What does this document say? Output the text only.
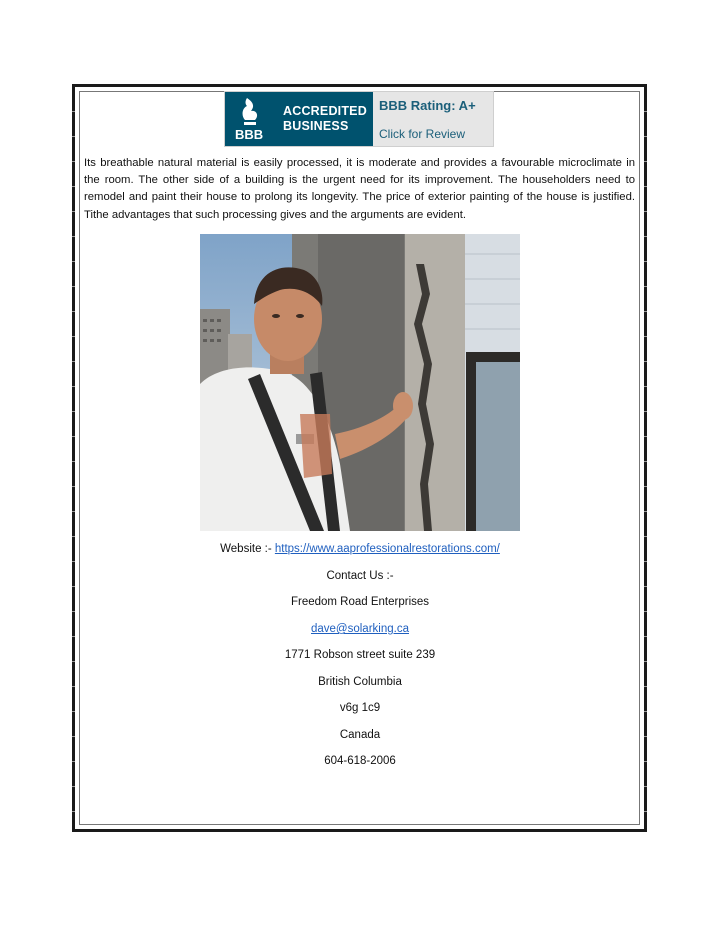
BBB
ACCREDITED
BUSINESS
BBB Rating: A+
Click for Review
Its breathable natural material is easily processed, it is moderate and provides a favourable microclimate in the room. The other side of a building is the urgent need for its improvement. The householders need to remodel and paint their house to prolong its longevity. The price of exterior painting of the house is justified. Tithe advantages that such processing gives and the arguments are evident.
Website :- https://www.aaprofessionalrestorations.com/
Contact Us :-
Freedom Road Enterprises
dave@solarking.ca
1771 Robson street suite 239
British Columbia
v6g 1c9
Canada
604-618-2006
